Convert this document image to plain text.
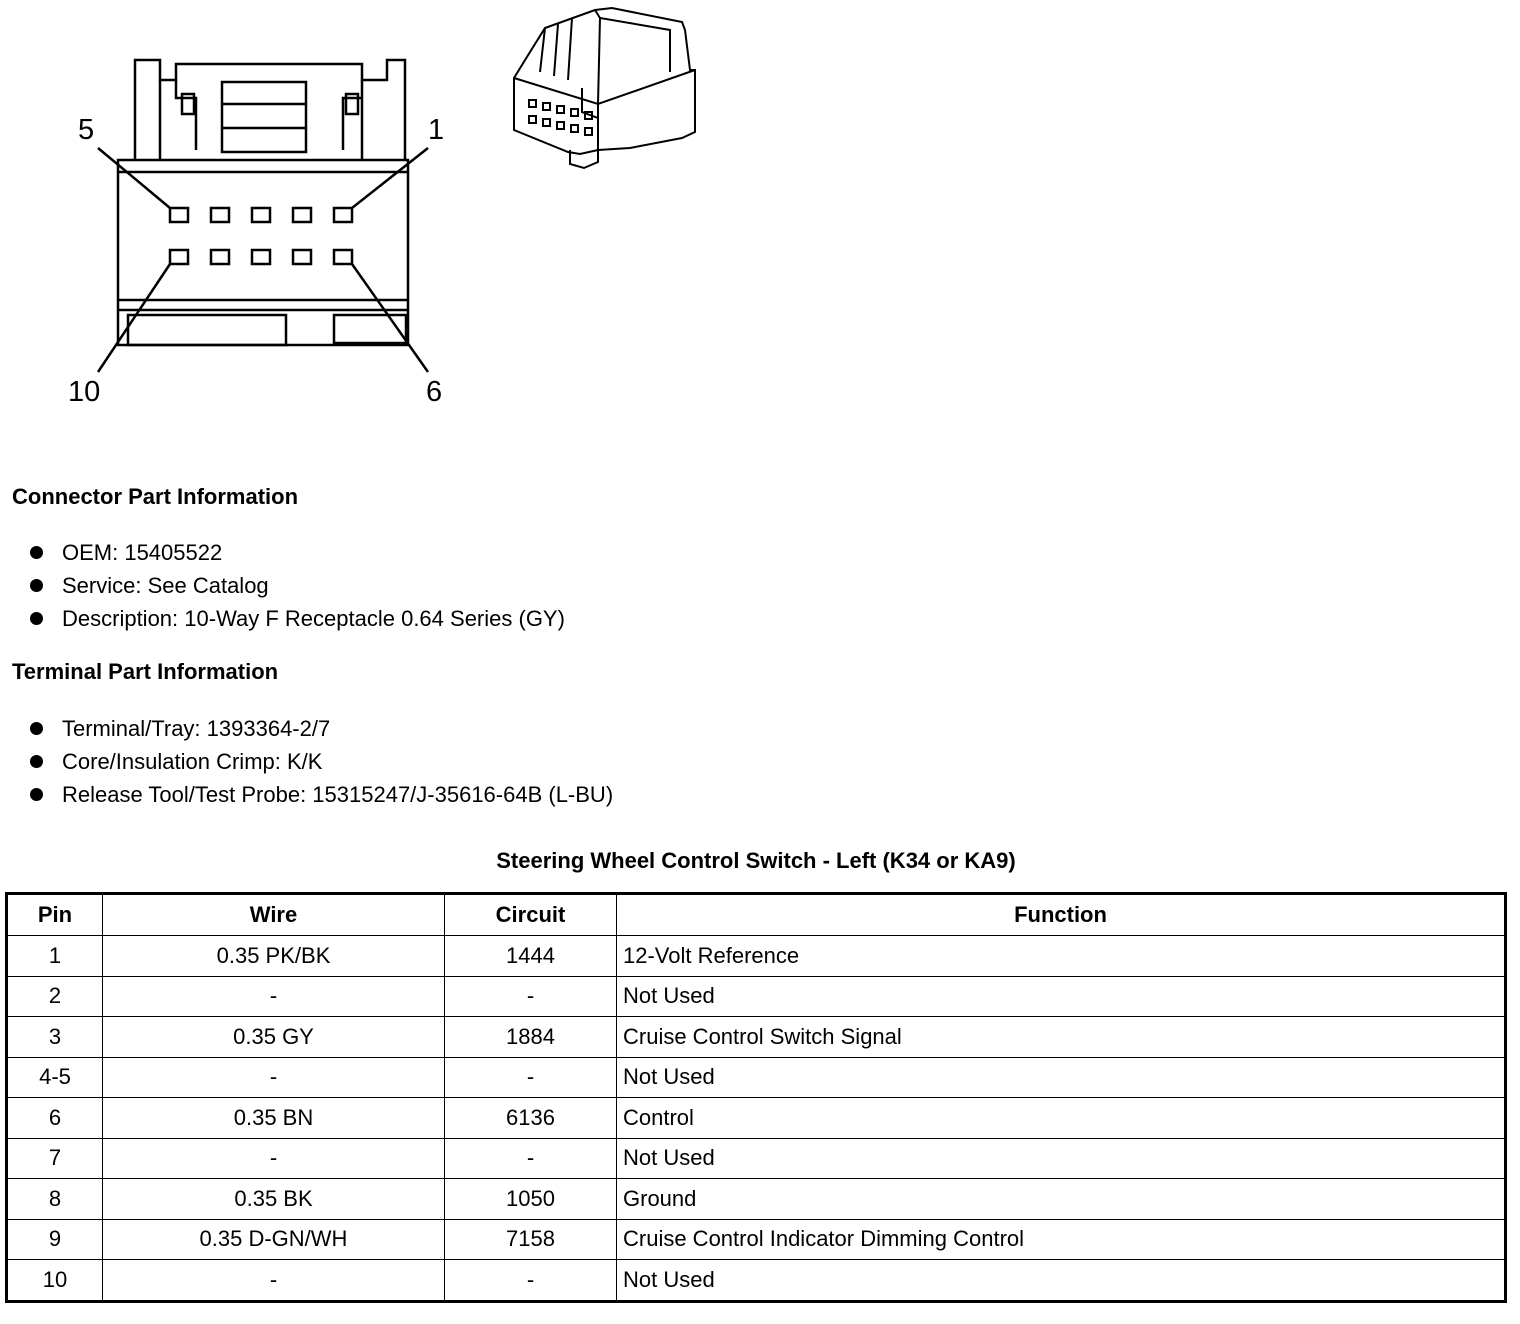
5	1
10	6
Connector Part Information
OEM: 15405522
Service: See Catalog
Description: 10-Way F Receptacle 0.64 Series (GY)
Terminal Part Information
Terminal/Tray: 1393364-2/7
Core/Insulation Crimp: K/K
Release Tool/Test Probe: 15315247/J-35616-64B (L-BU)
Steering Wheel Control Switch - Left (K34 or KA9)
Pin	Wire	Circuit	Function
1	0.35 PK/BK	1444	12-Volt Reference
2	-	-	Not Used
3	0.35 GY	1884	Cruise Control Switch Signal
4-5	-	-	Not Used
6	0.35 BN	6136	Control
7	-	-	Not Used
8	0.35 BK	1050	Ground
9	0.35 D-GN/WH	7158	Cruise Control Indicator Dimming Control
10	-	-	Not Used
